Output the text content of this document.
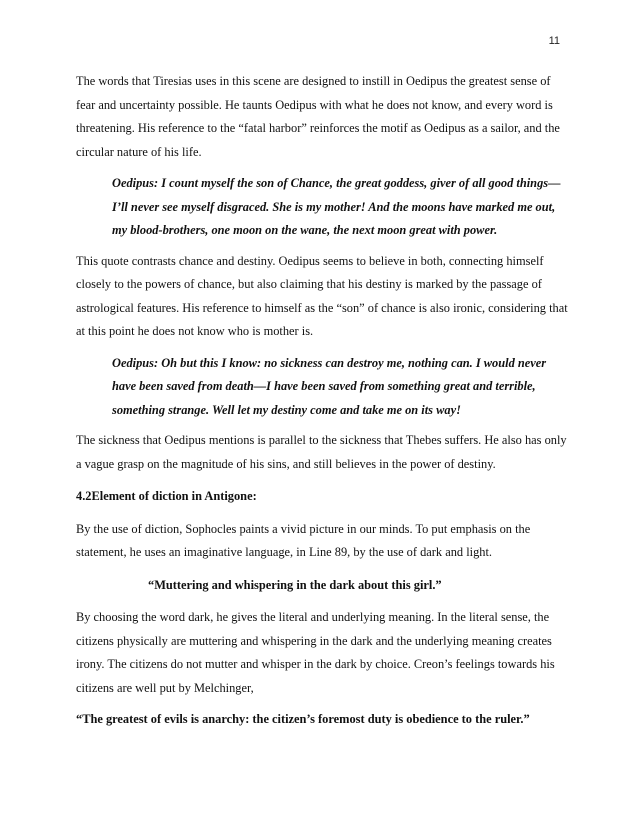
11

The words that Tiresias uses in this scene are designed to instill in Oedipus the greatest sense of fear and uncertainty possible. He taunts Oedipus with what he does not know, and every word is threatening. His reference to the “fatal harbor” reinforces the motif as Oedipus as a sailor, and the circular nature of his life.

Oedipus: I count myself the son of Chance, the great goddess, giver of all good things—I’ll never see myself disgraced. She is my mother! And the moons have marked me out, my blood-brothers, one moon on the wane, the next moon great with power.

This quote contrasts chance and destiny. Oedipus seems to believe in both, connecting himself closely to the powers of chance, but also claiming that his destiny is marked by the passage of astrological features. His reference to himself as the “son” of chance is also ironic, considering that at this point he does not know who is mother is.

Oedipus: Oh but this I know: no sickness can destroy me, nothing can. I would never have been saved from death—I have been saved from something great and terrible, something strange. Well let my destiny come and take me on its way!

The sickness that Oedipus mentions is parallel to the sickness that Thebes suffers. He also has only a vague grasp on the magnitude of his sins, and still believes in the power of destiny.

4.2Element of diction in Antigone:

By the use of diction, Sophocles paints a vivid picture in our minds. To put emphasis on the statement, he uses an imaginative language, in Line 89, by the use of dark and light.

“Muttering and whispering in the dark about this girl.”

By choosing the word dark, he gives the literal and underlying meaning. In the literal sense, the citizens physically are muttering and whispering in the dark and the underlying meaning creates irony. The citizens do not mutter and whisper in the dark by choice. Creon’s feelings towards his citizens are well put by Melchinger,

“The greatest of evils is anarchy: the citizen’s foremost duty is obedience to the ruler.”
